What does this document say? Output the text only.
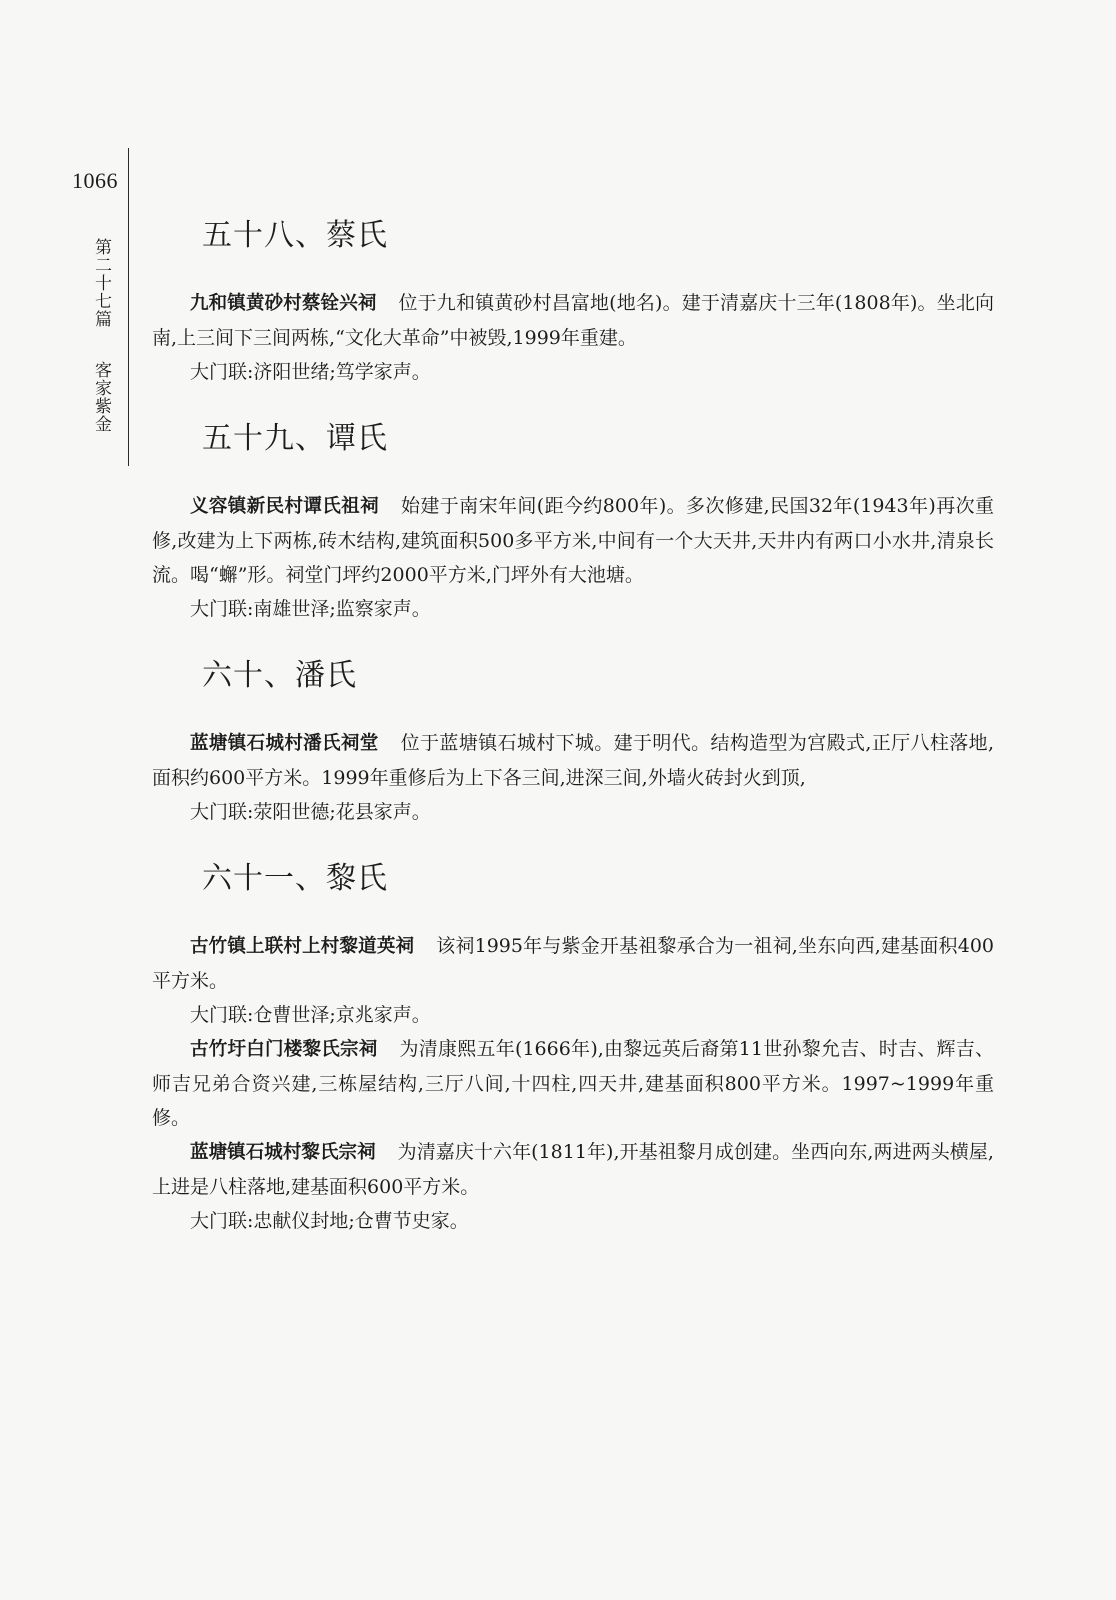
1066
第二十七篇  客家紫金
五十八、蔡氏

九和镇黄砂村蔡铨兴祠 位于九和镇黄砂村昌富地(地名)。建于清嘉庆十三年(1808年)。坐北向南,上三间下三间两栋,“文化大革命”中被毁,1999年重建。

大门联:济阳世绪;笃学家声。

五十九、谭氏

义容镇新民村谭氏祖祠 始建于南宋年间(距今约800年)。多次修建,民国32年(1943年)再次重修,改建为上下两栋,砖木结构,建筑面积500多平方米,中间有一个大天井,天井内有两口小水井,清泉长流。喝“蠏”形。祠堂门坪约2000平方米,门坪外有大池塘。

大门联:南雄世泽;监察家声。

六十、潘氏

蓝塘镇石城村潘氏祠堂 位于蓝塘镇石城村下城。建于明代。结构造型为宫殿式,正厅八柱落地,面积约600平方米。1999年重修后为上下各三间,进深三间,外墙火砖封火到顶,

大门联:荥阳世德;花县家声。

六十一、黎氏

古竹镇上联村上村黎道英祠 该祠1995年与紫金开基祖黎承合为一祖祠,坐东向西,建基面积400平方米。

大门联:仓曹世泽;京兆家声。

古竹圩白门楼黎氏宗祠 为清康熙五年(1666年),由黎远英后裔第11世孙黎允吉、时吉、辉吉、师吉兄弟合资兴建,三栋屋结构,三厅八间,十四柱,四天井,建基面积800平方米。1997~1999年重修。

蓝塘镇石城村黎氏宗祠 为清嘉庆十六年(1811年),开基祖黎月成创建。坐西向东,两进两头横屋,上进是八柱落地,建基面积600平方米。

大门联:忠献仪封地;仓曹节史家。
